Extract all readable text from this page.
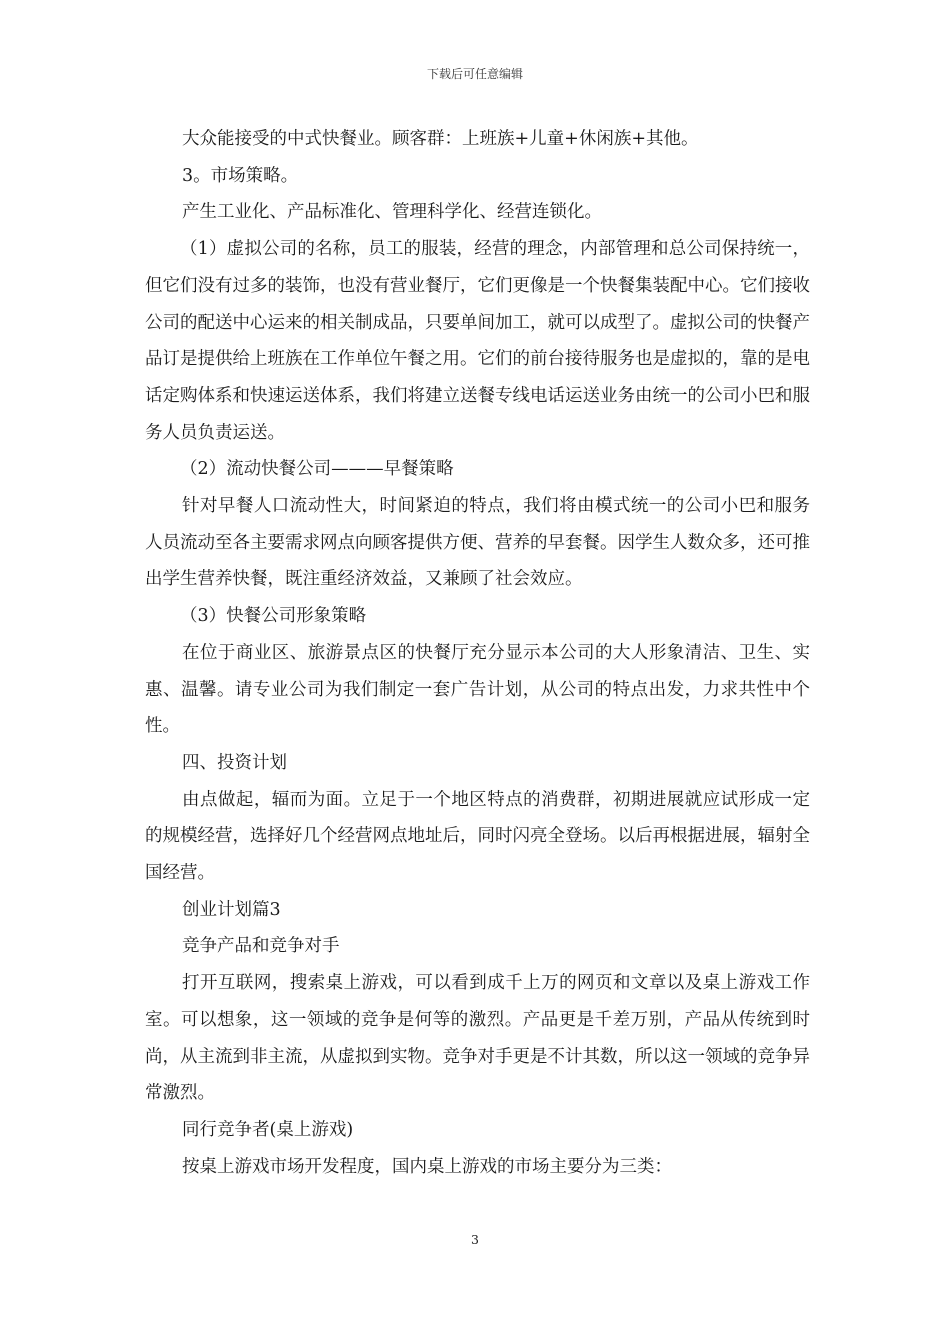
下载后可任意编辑

大众能接受的中式快餐业。顾客群：上班族+儿童+休闲族+其他。

3。市场策略。

产生工业化、产品标准化、管理科学化、经营连锁化。

（1）虚拟公司的名称，员工的服装，经营的理念，内部管理和总公司保持统一，但它们没有过多的装饰，也没有营业餐厅，它们更像是一个快餐集装配中心。它们接收公司的配送中心运来的相关制成品，只要单间加工，就可以成型了。虚拟公司的快餐产品订是提供给上班族在工作单位午餐之用。它们的前台接待服务也是虚拟的，靠的是电话定购体系和快速运送体系，我们将建立送餐专线电话运送业务由统一的公司小巴和服务人员负责运送。

（2）流动快餐公司———早餐策略

针对早餐人口流动性大，时间紧迫的特点，我们将由模式统一的公司小巴和服务人员流动至各主要需求网点向顾客提供方便、营养的早套餐。因学生人数众多，还可推出学生营养快餐，既注重经济效益，又兼顾了社会效应。

（3）快餐公司形象策略

在位于商业区、旅游景点区的快餐厅充分显示本公司的大人形象清洁、卫生、实惠、温馨。请专业公司为我们制定一套广告计划，从公司的特点出发，力求共性中个性。

四、投资计划

由点做起，辐而为面。立足于一个地区特点的消费群，初期进展就应试形成一定的规模经营，选择好几个经营网点地址后，同时闪亮全登场。以后再根据进展，辐射全国经营。

创业计划篇3

竞争产品和竞争对手

打开互联网，搜索桌上游戏，可以看到成千上万的网页和文章以及桌上游戏工作室。可以想象，这一领域的竞争是何等的激烈。产品更是千差万别，产品从传统到时尚，从主流到非主流，从虚拟到实物。竞争对手更是不计其数，所以这一领域的竞争异常激烈。

同行竞争者(桌上游戏)

按桌上游戏市场开发程度，国内桌上游戏的市场主要分为三类：

3
